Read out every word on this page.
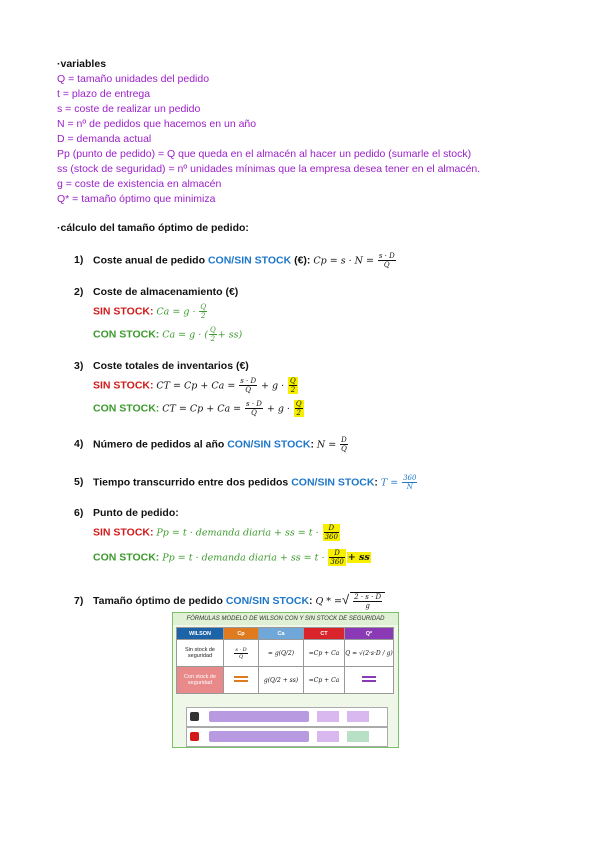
·variables
Q = tamaño unidades del pedido
t = plazo de entrega
s = coste de realizar un pedido
N = nº de pedidos que hacemos en un año
D = demanda actual
Pp (punto de pedido) = Q que queda en el almacén al hacer un pedido (sumarle el stock)
ss (stock de seguridad) = nº unidades mínimas que la empresa desea tener en el almacén.
g = coste de existencia en almacén
Q* = tamaño óptimo que minimiza
·cálculo del tamaño óptimo de pedido:
1) Coste anual de pedido CON/SIN STOCK (€): $Cp = s \cdot N = \frac{s \cdot D}{Q}$
2) Coste de almacenamiento (€)
SIN STOCK: $Ca = g \cdot \frac{Q}{2}$
CON STOCK: Ca = g · ( $\frac{Q}{2} + ss$)
3) Coste totales de inventarios (€)
SIN STOCK: CT = $Cp + Ca = \frac{s \cdot D}{Q} + g \cdot \frac{Q}{2}$
CON STOCK: CT = $Cp + Ca = \frac{s \cdot D}{Q} + g \cdot \frac{Q}{2}$
4) Número de pedidos al año CON/SIN STOCK: $N = \frac{D}{Q}$
5) Tiempo transcurrido entre dos pedidos CON/SIN STOCK: $T = \frac{360}{N}$
6) Punto de pedido:
SIN STOCK: Pp = t · demanda diaria + ss = $t \cdot \frac{D}{360}$
CON STOCK: Pp = t · demanda diaria + ss = $t \cdot \frac{D}{360}$ + ss
7) Tamaño óptimo de pedido CON/SIN STOCK: Q * =√ $\frac{2 \cdot s \cdot D}{g}$
FÓRMULAS MODELO DE WILSON CON Y SIN STOCK DE SEGURIDAD
WILSON	Cp	Ca	CT	Q*
Sin stock de seguridad	$\frac{s \cdot D}{Q}$	= g(Q/2)	=Cp + Ca	Q = √(2·s·D / g)
Con stock de seguridad		g(Q/2 + ss)	=Cp + Ca	
